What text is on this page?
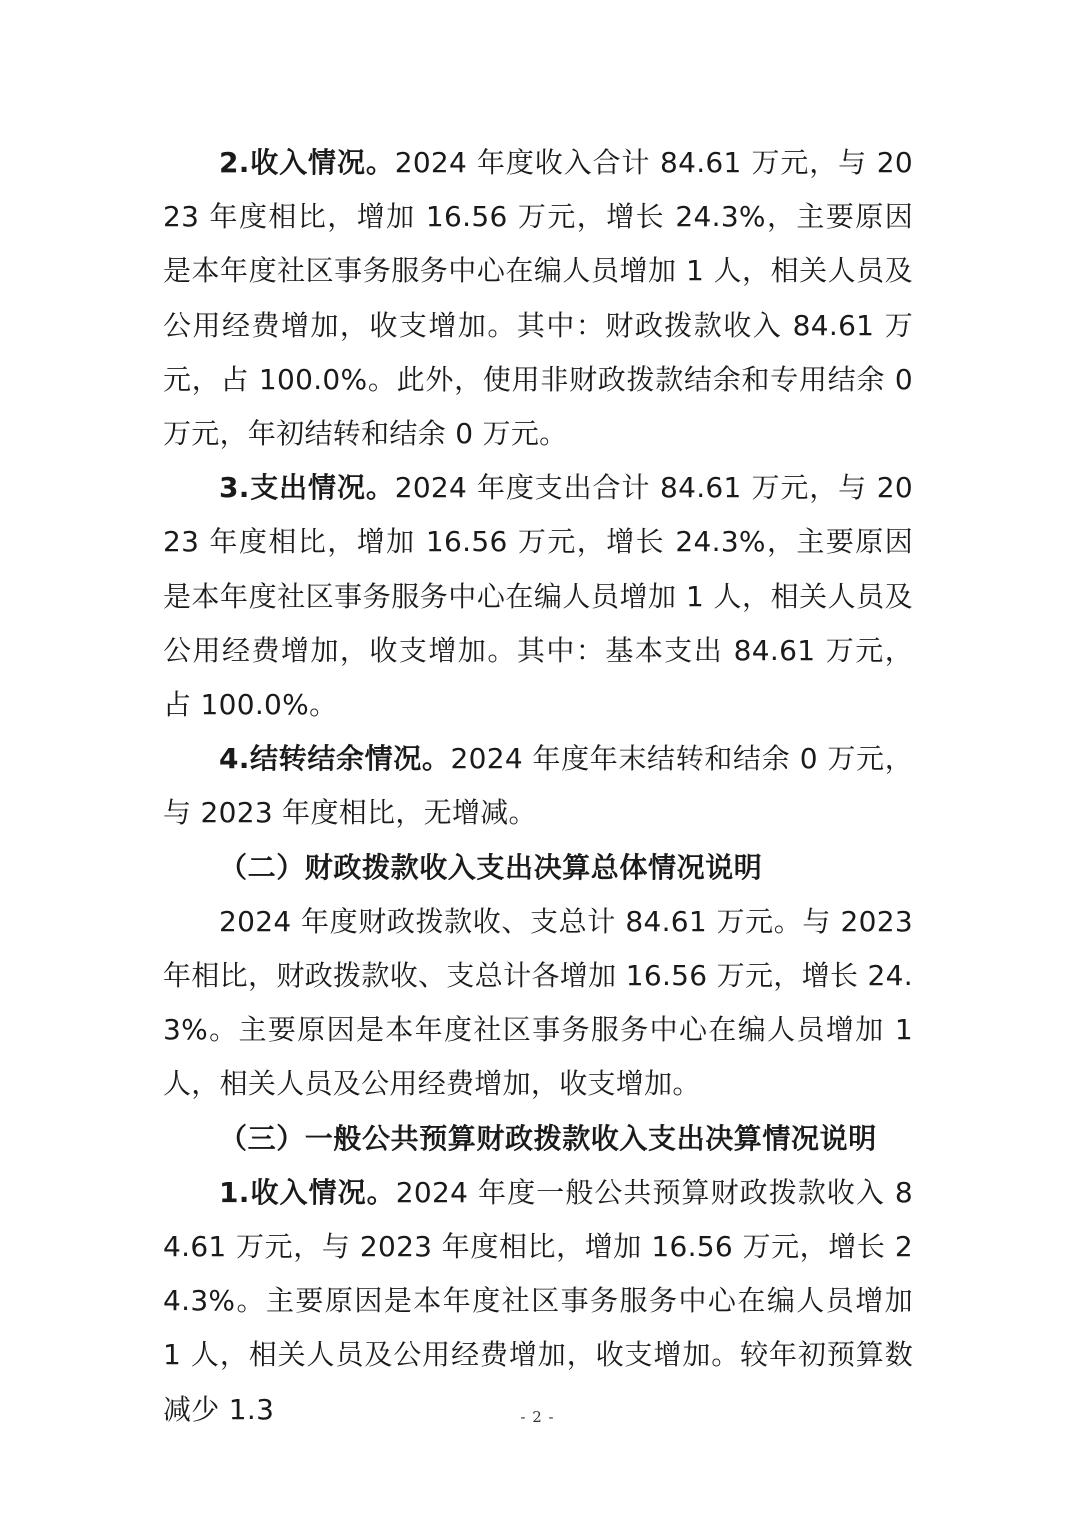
2.收入情况。2024 年度收入合计 84.61 万元，与 2023 年度相比，增加 16.56 万元，增长 24.3%，主要原因是本年度社区事务服务中心在编人员增加 1 人，相关人员及公用经费增加，收支增加。其中：财政拨款收入 84.61 万元，占 100.0%。此外，使用非财政拨款结余和专用结余 0 万元，年初结转和结余 0 万元。

3.支出情况。2024 年度支出合计 84.61 万元，与 2023 年度相比，增加 16.56 万元，增长 24.3%，主要原因是本年度社区事务服务中心在编人员增加 1 人，相关人员及公用经费增加，收支增加。其中：基本支出 84.61 万元，占 100.0%。

4.结转结余情况。2024 年度年末结转和结余 0 万元，与 2023 年度相比，无增减。

（二）财政拨款收入支出决算总体情况说明

2024 年度财政拨款收、支总计 84.61 万元。与 2023 年相比，财政拨款收、支总计各增加 16.56 万元，增长 24.3%。主要原因是本年度社区事务服务中心在编人员增加 1 人，相关人员及公用经费增加，收支增加。

（三）一般公共预算财政拨款收入支出决算情况说明

1.收入情况。2024 年度一般公共预算财政拨款收入 84.61 万元，与 2023 年度相比，增加 16.56 万元，增长 24.3%。主要原因是本年度社区事务服务中心在编人员增加 1 人，相关人员及公用经费增加，收支增加。较年初预算数减少 1.3	- 2 -
